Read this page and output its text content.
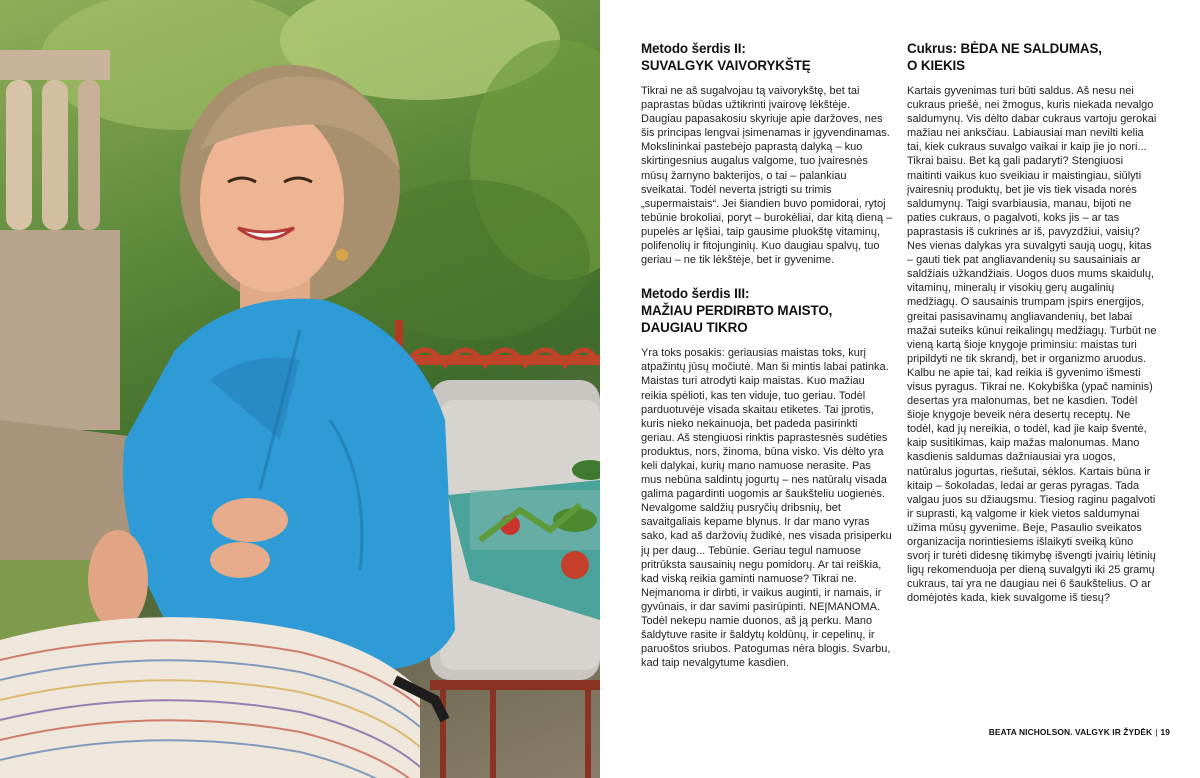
Metodo šerdis II:
SUVALGYK VAIVORYKŠTĘ

Tikrai ne aš sugalvojau tą vaivorykštę, bet tai paprastas būdas užtikrinti įvairovę lėkštėje. Daugiau papasakosiu skyriuje apie daržoves, nes šis principas lengvai įsimenamas ir įgyvendinamas. Mokslininkai pastebėjo paprastą dalyką – kuo skirtingesnius augalus valgome, tuo įvairesnės mūsų žarnyno bakterijos, o tai – palankiau sveikatai. Todėl neverta įstrigti su trimis „supermaistais“. Jei šiandien buvo pomidorai, rytoj tebūnie brokoliai, poryt – burokėliai, dar kitą dieną – pupelės ar lęšiai, taip gausime pluokštę vitaminų, polifenolių ir fitojunginių. Kuo daugiau spalvų, tuo geriau – ne tik lėkštėje, bet ir gyvenime.

Metodo šerdis III:
MAŽIAU PERDIRBTO MAISTO, DAUGIAU TIKRO

Yra toks posakis: geriausias maistas toks, kurį atpažintų jūsų močiutė. Man ši mintis labai patinka. Maistas turi atrodyti kaip maistas. Kuo mažiau reikia spėlioti, kas ten viduje, tuo geriau. Todėl parduotuvėje visada skaitau etiketes. Tai įprotis, kuris nieko nekainuoja, bet padeda pasirinkti geriau. Aš stengiuosi rinktis paprastesnės sudėties produktus, nors, žinoma, būna visko. Vis dėlto yra keli dalykai, kurių mano namuose nerasite. Pas mus nebūna saldintų jogurtų – nes natūralų visada galima pagardinti uogomis ar šaukšteliu uogienės. Nevalgome saldžių pusryčių dribsnių, bet savaitgaliais kepame blynus. Ir dar mano vyras sako, kad aš daržovių žudikė, nes visada prisiperku jų per daug... Tebūnie. Geriau tegul namuose pritrūksta sausainių negu pomidorų. Ar tai reiškia, kad viską reikia gaminti namuose? Tikrai ne. Neįmanoma ir dirbti, ir vaikus auginti, ir namais, ir gyvūnais, ir dar savimi pasirūpinti. NEĮMANOMA. Todėl nekepu namie duonos, aš ją perku. Mano šaldytuve rasite ir šaldytų koldūnų, ir cepelinų, ir paruoštos sriubos. Patogumas nėra blogis. Svarbu, kad taip nevalgytume kasdien.

Cukrus: BĖDA NE SALDUMAS,
O KIEKIS

Kartais gyvenimas turi būti saldus. Aš nesu nei cukraus priešė, nei žmogus, kuris niekada nevalgo saldumynų. Vis dėlto dabar cukraus vartoju gerokai mažiau nei anksčiau. Labiausiai man nevilti kelia tai, kiek cukraus suvalgo vaikai ir kaip jie jo nori... Tikrai baisu. Bet ką gali padaryti? Stengiuosi maitinti vaikus kuo sveikiau ir maistingiau, siūlyti įvairesnių produktų, bet jie vis tiek visada norės saldumynų. Taigi svarbiausia, manau, bijoti ne paties cukraus, o pagalvoti, koks jis – ar tas paprastasis iš cukrinės ar iš, pavyzdžiui, vaisių? Nes vienas dalykas yra suvalgyti saują uogų, kitas – gauti tiek pat angliavandenių su sausainiais ar saldžiais užkandžiais. Uogos duos mums skaidulų, vitaminų, mineralų ir visokių gerų augalinių medžiagų. O sausainis trumpam įspirs energijos, greitai pasisavinamų angliavandenių, bet labai mažai suteiks kūnui reikalingų medžiagų. Turbūt ne vieną kartą šioje knygoje priminsiu: maistas turi pripildyti ne tik skrandį, bet ir organizmo aruodus. Kalbu ne apie tai, kad reikia iš gyvenimo išmesti visus pyragus. Tikrai ne. Kokybiška (ypač naminis) desertas yra malonumas, bet ne kasdien. Todėl šioje knygoje beveik nėra desertų receptų. Ne todėl, kad jų nereikia, o todėl, kad jie kaip šventė, kaip susitikimas, kaip mažas malonumas. Mano kasdienis saldumas dažniausiai yra uogos, natūralus jogurtas, riešutai, sėklos. Kartais būna ir kitaip – šokoladas, ledai ar geras pyragas. Tada valgau juos su džiaugsmu. Tiesiog raginu pagalvoti ir suprasti, ką valgome ir kiek vietos saldumynai užima mūsų gyvenime. Beje, Pasaulio sveikatos organizacija norintiesiems išlaikyti sveiką kūno svorį ir turėti didesnę tikimybę išvengti įvairių lėtinių ligų rekomenduoja per dieną suvalgyti iki 25 gramų cukraus, tai yra ne daugiau nei 6 šaukštelius. O ar domėjotės kada, kiek suvalgome iš tiesų?

BEATA NICHOLSON. VALGYK IR ŽYDĖK | 19
